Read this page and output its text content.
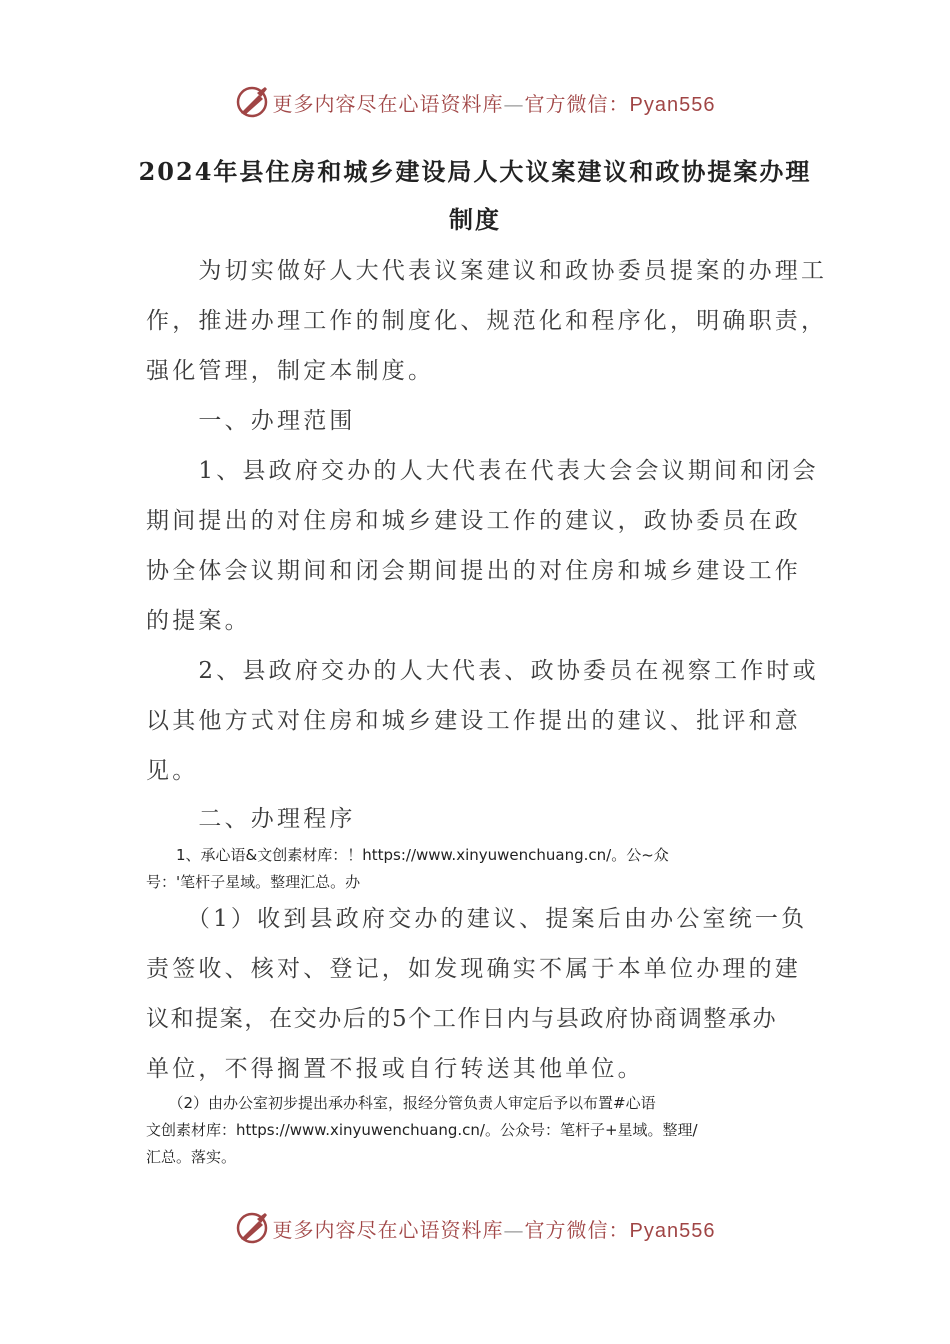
更多内容尽在心语资料库—官方微信：Pyan556
2024年县住房和城乡建设局人大议案建议和政协提案办理
制度
　　为切实做好人大代表议案建议和政协委员提案的办理工
作，推进办理工作的制度化、规范化和程序化，明确职责，
强化管理，制定本制度。
　　一、办理范围
　　1、县政府交办的人大代表在代表大会会议期间和闭会
期间提出的对住房和城乡建设工作的建议，政协委员在政
协全体会议期间和闭会期间提出的对住房和城乡建设工作
的提案。
　　2、县政府交办的人大代表、政协委员在视察工作时或
以其他方式对住房和城乡建设工作提出的建议、批评和意
见。
　　二、办理程序
　　1、承心语&文创素材库：！https://www.xinyuwenchuang.cn/。公~众
号：'笔杆子星域。整理汇总。办
　　（1）收到县政府交办的建议、提案后由办公室统一负
责签收、核对、登记，如发现确实不属于本单位办理的建
议和提案，在交办后的5个工作日内与县政府协商调整承办
单位，不得搁置不报或自行转送其他单位。
　　（2）由办公室初步提出承办科室，报经分管负责人审定后予以布置#心语
文创素材库：https://www.xinyuwenchuang.cn/。公众号：笔杆子+星域。整理/
汇总。落实。
更多内容尽在心语资料库—官方微信：Pyan556
